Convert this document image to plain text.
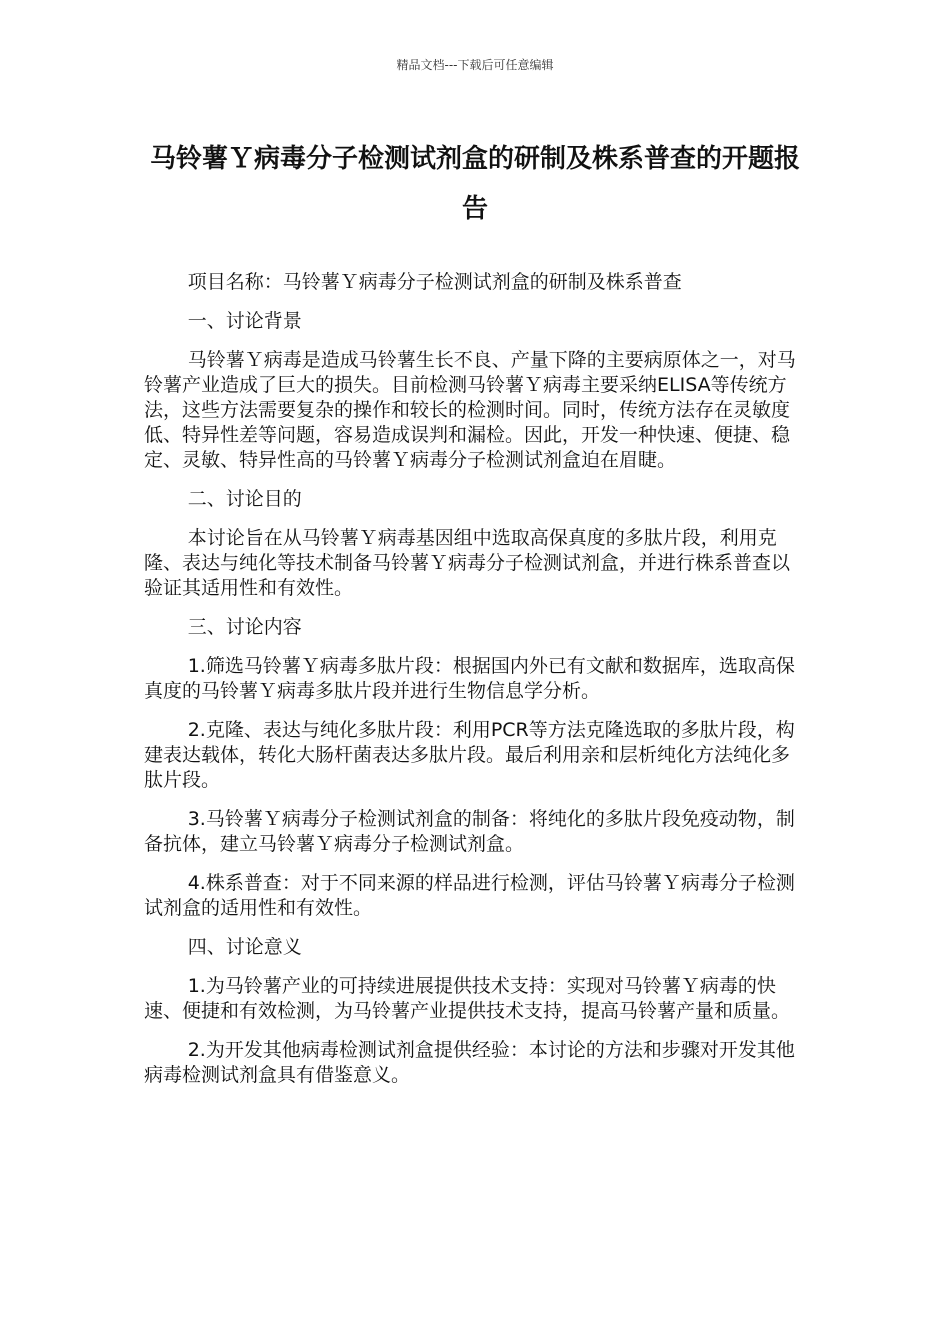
精品文档---下载后可任意编辑
马铃薯Ｙ病毒分子检测试剂盒的研制及株系普查的开题报告

项目名称：马铃薯Ｙ病毒分子检测试剂盒的研制及株系普查

一、讨论背景

马铃薯Ｙ病毒是造成马铃薯生长不良、产量下降的主要病原体之一，对马铃薯产业造成了巨大的损失。目前检测马铃薯Ｙ病毒主要采纳ELISA等传统方法，这些方法需要复杂的操作和较长的检测时间。同时，传统方法存在灵敏度低、特异性差等问题，容易造成误判和漏检。因此，开发一种快速、便捷、稳定、灵敏、特异性高的马铃薯Ｙ病毒分子检测试剂盒迫在眉睫。

二、讨论目的

本讨论旨在从马铃薯Ｙ病毒基因组中选取高保真度的多肽片段，利用克隆、表达与纯化等技术制备马铃薯Ｙ病毒分子检测试剂盒，并进行株系普查以验证其适用性和有效性。

三、讨论内容

1.筛选马铃薯Ｙ病毒多肽片段：根据国内外已有文献和数据库，选取高保真度的马铃薯Ｙ病毒多肽片段并进行生物信息学分析。

2.克隆、表达与纯化多肽片段：利用PCR等方法克隆选取的多肽片段，构建表达载体，转化大肠杆菌表达多肽片段。最后利用亲和层析纯化方法纯化多肽片段。

3.马铃薯Ｙ病毒分子检测试剂盒的制备：将纯化的多肽片段免疫动物，制备抗体，建立马铃薯Ｙ病毒分子检测试剂盒。

4.株系普查：对于不同来源的样品进行检测，评估马铃薯Ｙ病毒分子检测试剂盒的适用性和有效性。

四、讨论意义

1.为马铃薯产业的可持续进展提供技术支持：实现对马铃薯Ｙ病毒的快速、便捷和有效检测，为马铃薯产业提供技术支持，提高马铃薯产量和质量。

2.为开发其他病毒检测试剂盒提供经验：本讨论的方法和步骤对开发其他病毒检测试剂盒具有借鉴意义。
